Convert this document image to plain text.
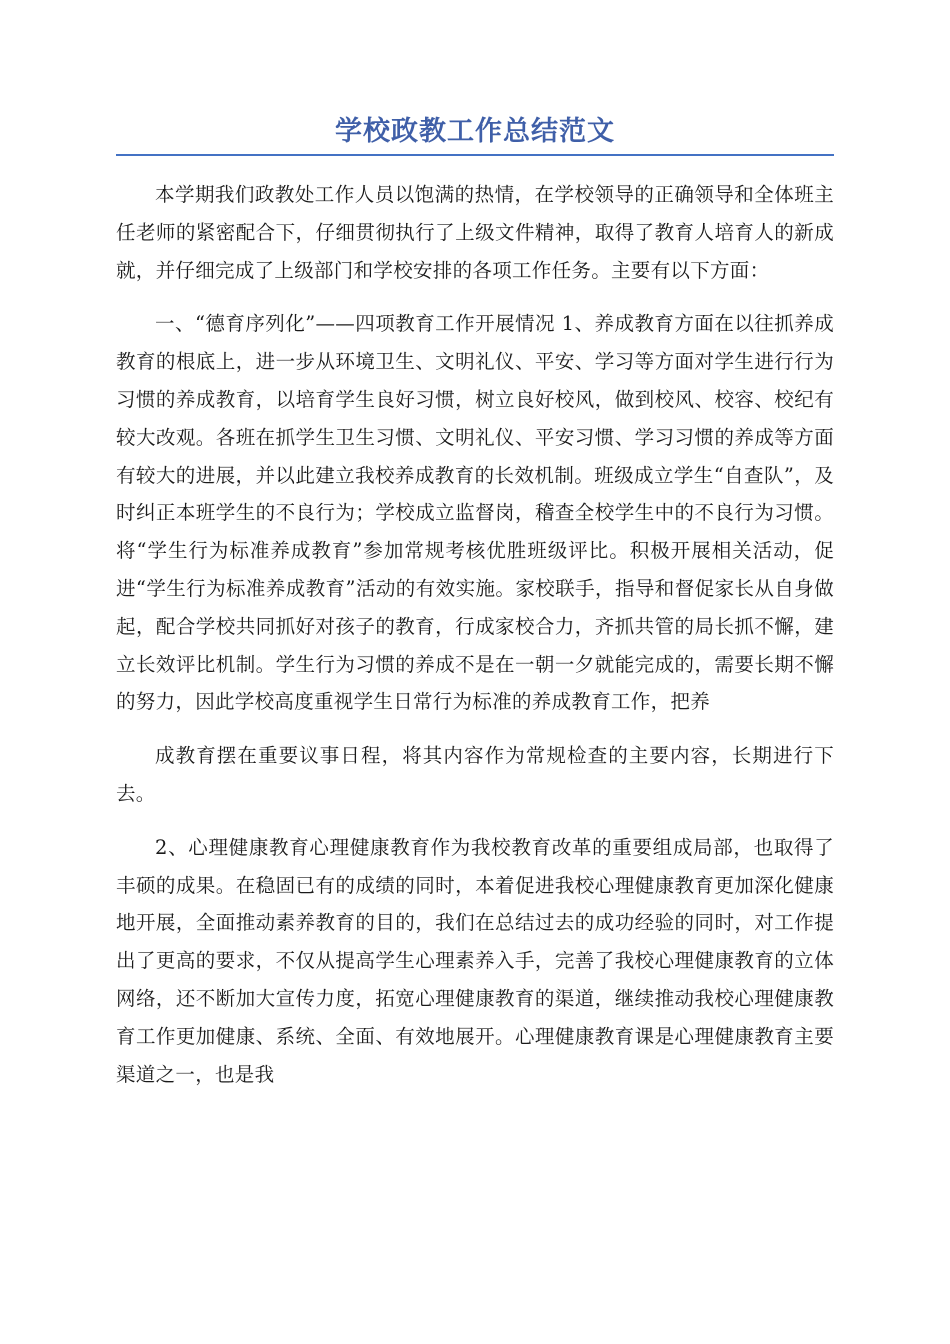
学校政教工作总结范文

本学期我们政教处工作人员以饱满的热情，在学校领导的正确领导和全体班主任老师的紧密配合下，仔细贯彻执行了上级文件精神，取得了教育人培育人的新成就，并仔细完成了上级部门和学校安排的各项工作任务。主要有以下方面：

一、“德育序列化”——四项教育工作开展情况 1、养成教育方面在以往抓养成教育的根底上，进一步从环境卫生、文明礼仪、平安、学习等方面对学生进行行为习惯的养成教育，以培育学生良好习惯，树立良好校风，做到校风、校容、校纪有较大改观。各班在抓学生卫生习惯、文明礼仪、平安习惯、学习习惯的养成等方面有较大的进展，并以此建立我校养成教育的长效机制。班级成立学生“自查队”，及时纠正本班学生的不良行为；学校成立监督岗，稽查全校学生中的不良行为习惯。将“学生行为标准养成教育”参加常规考核优胜班级评比。积极开展相关活动，促进“学生行为标准养成教育”活动的有效实施。家校联手，指导和督促家长从自身做起，配合学校共同抓好对孩子的教育，行成家校合力，齐抓共管的局长抓不懈，建立长效评比机制。学生行为习惯的养成不是在一朝一夕就能完成的，需要长期不懈的努力，因此学校高度重视学生日常行为标准的养成教育工作，把养

成教育摆在重要议事日程，将其内容作为常规检查的主要内容，长期进行下去。

2、心理健康教育心理健康教育作为我校教育改革的重要组成局部，也取得了丰硕的成果。在稳固已有的成绩的同时，本着促进我校心理健康教育更加深化健康地开展，全面推动素养教育的目的，我们在总结过去的成功经验的同时，对工作提出了更高的要求，不仅从提高学生心理素养入手，完善了我校心理健康教育的立体网络，还不断加大宣传力度，拓宽心理健康教育的渠道，继续推动我校心理健康教育工作更加健康、系统、全面、有效地展开。心理健康教育课是心理健康教育主要渠道之一，也是我
